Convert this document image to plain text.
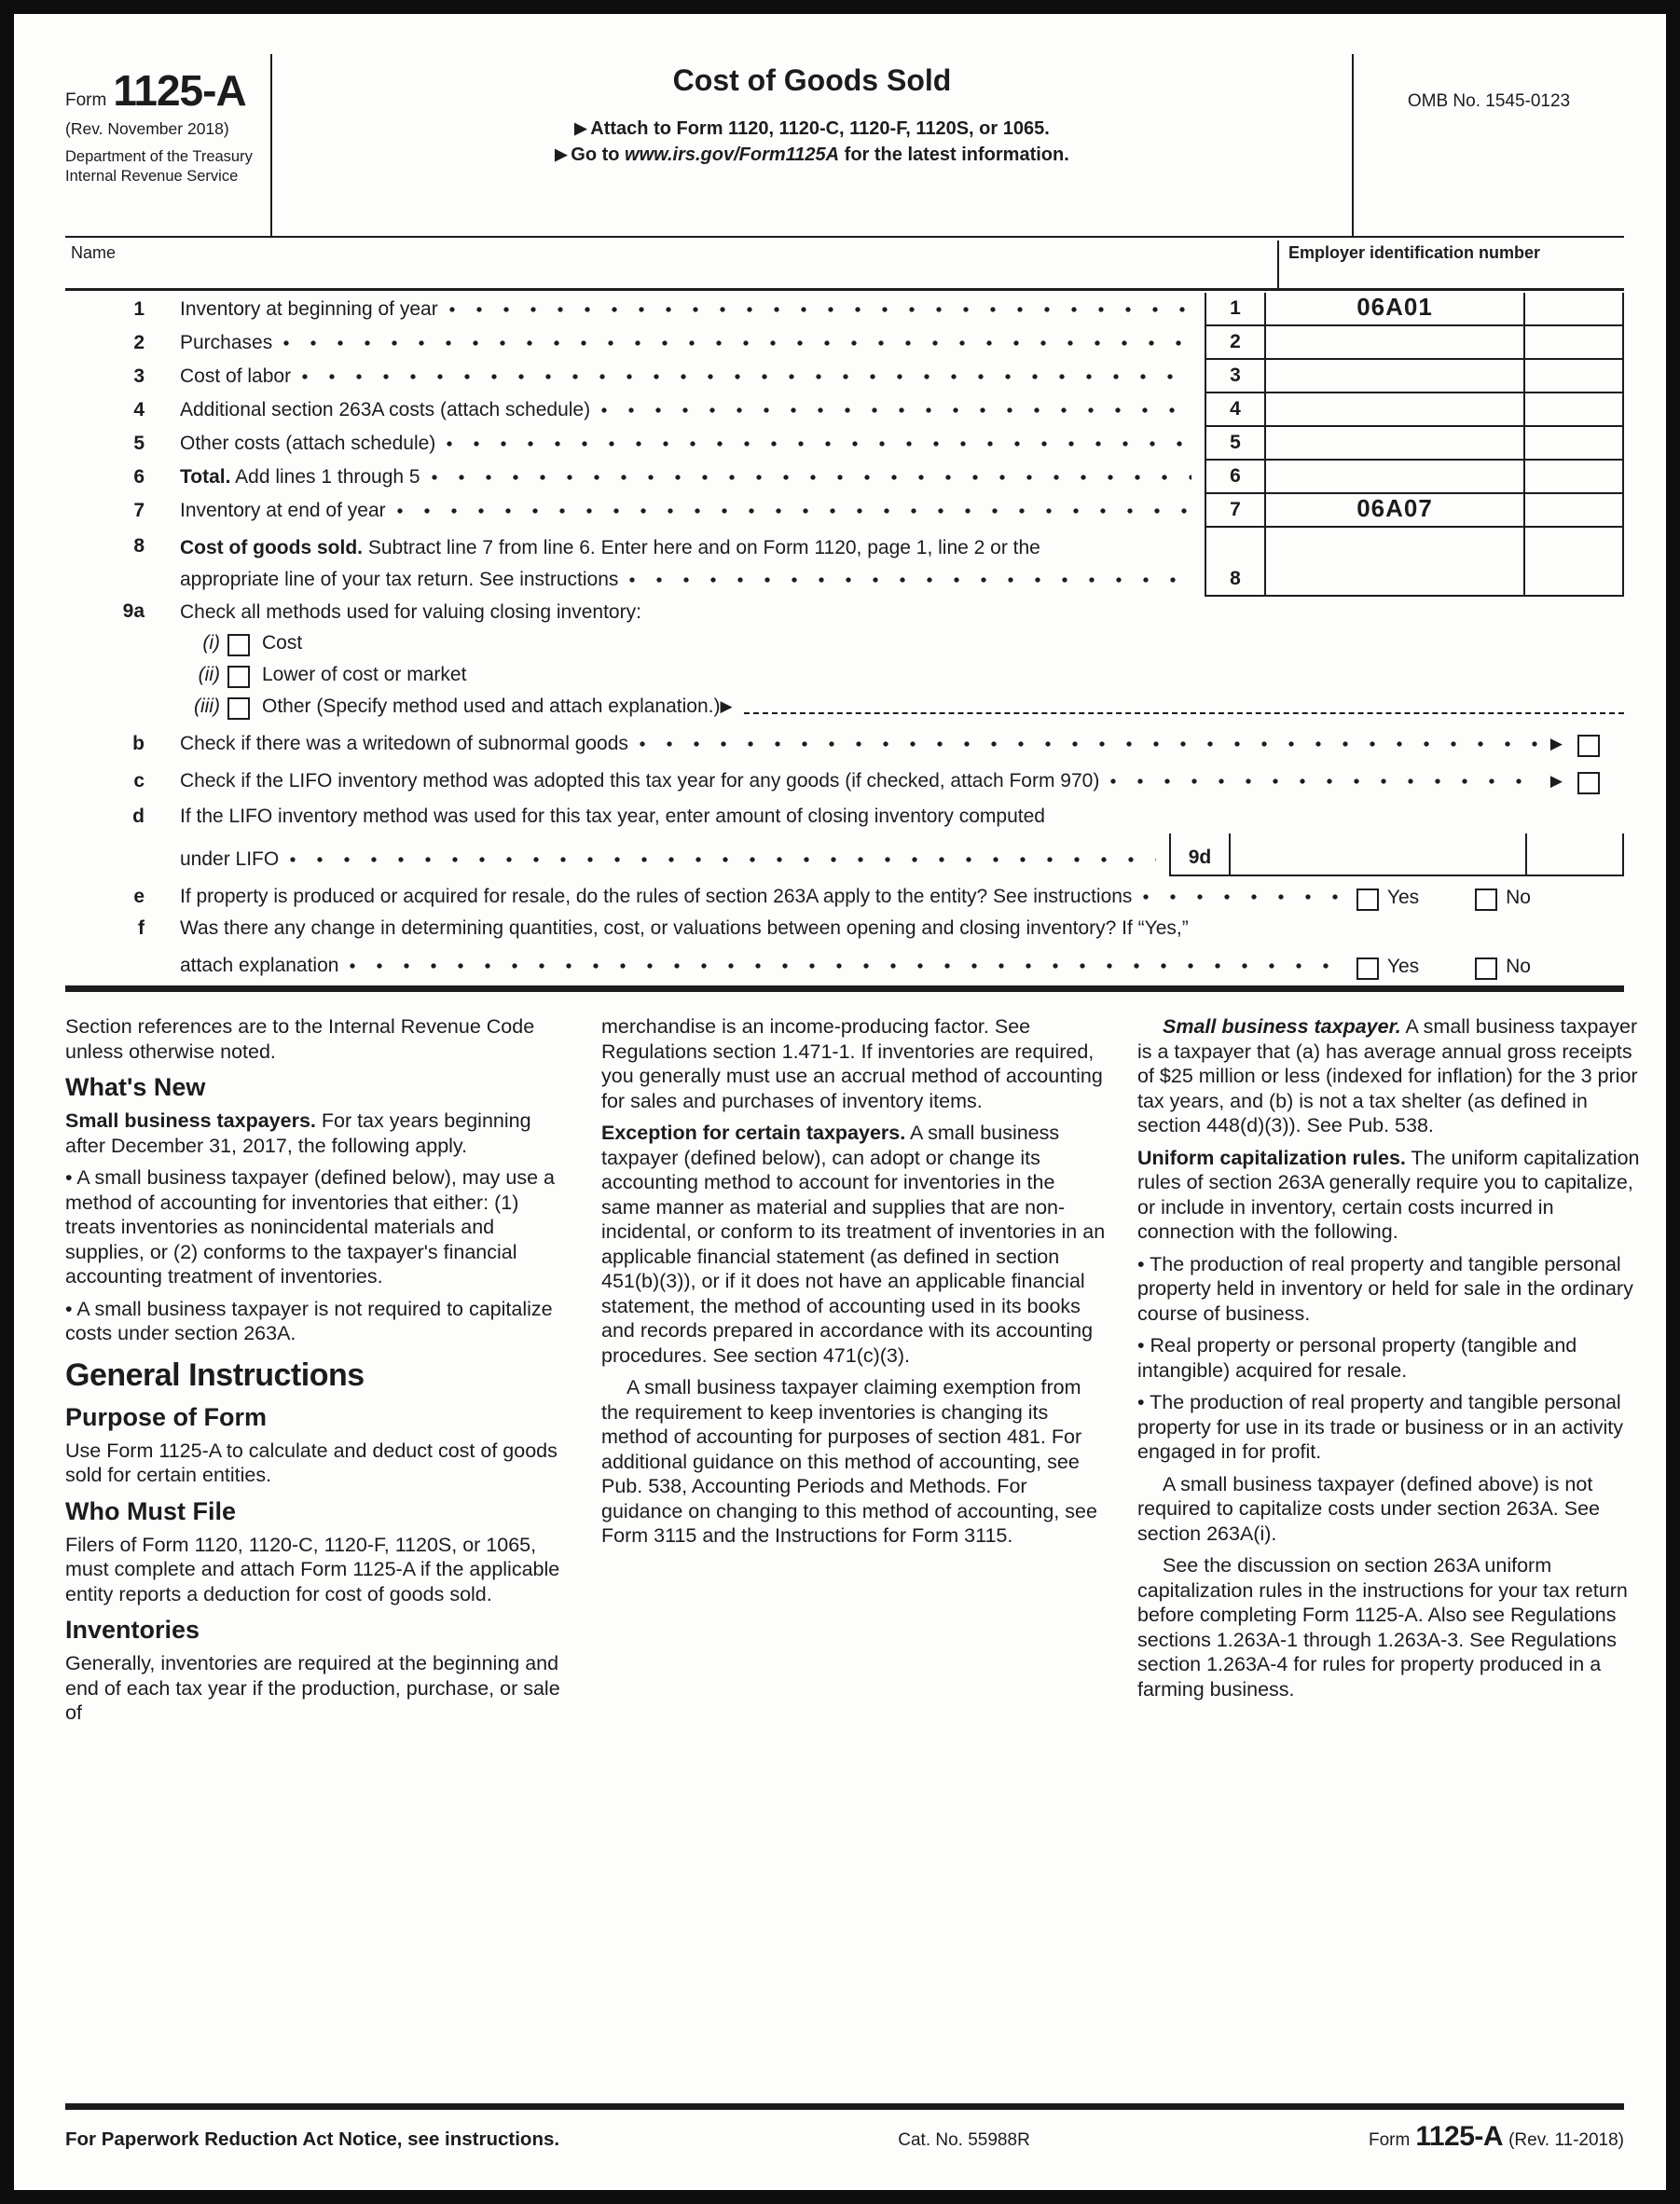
Form 1125-A
(Rev. November 2018)
Department of the Treasury
Internal Revenue Service
Cost of Goods Sold
▶ Attach to Form 1120, 1120-C, 1120-F, 1120S, or 1065.
▶ Go to www.irs.gov/Form1125A for the latest information.
OMB No. 1545-0123
Name	Employer identification number
1 Inventory at beginning of year	1	06A01
2 Purchases	2
3 Cost of labor	3
4 Additional section 263A costs (attach schedule)	4
5 Other costs (attach schedule)	5
6 Total. Add lines 1 through 5	6
7 Inventory at end of year	7	06A07
8 Cost of goods sold. Subtract line 7 from line 6. Enter here and on Form 1120, page 1, line 2 or the
appropriate line of your tax return. See instructions	8
9a Check all methods used for valuing closing inventory:
(i)	Cost
(ii)	Lower of cost or market
(iii)	Other (Specify method used and attach explanation.) ▶
b Check if there was a writedown of subnormal goods	▶
c Check if the LIFO inventory method was adopted this tax year for any goods (if checked, attach Form 970)	▶
d If the LIFO inventory method was used for this tax year, enter amount of closing inventory computed
under LIFO	9d
e If property is produced or acquired for resale, do the rules of section 263A apply to the entity? See instructions	Yes	No
f Was there any change in determining quantities, cost, or valuations between opening and closing inventory? If “Yes,”
attach explanation	Yes	No

Section references are to the Internal Revenue Code unless otherwise noted.

What's New

Small business taxpayers. For tax years beginning after December 31, 2017, the following apply.

• A small business taxpayer (defined below), may use a method of accounting for inventories that either: (1) treats inventories as nonincidental materials and supplies, or (2) conforms to the taxpayer's financial accounting treatment of inventories.

• A small business taxpayer is not required to capitalize costs under section 263A.

General Instructions
Purpose of Form

Use Form 1125-A to calculate and deduct cost of goods sold for certain entities.

Who Must File

Filers of Form 1120, 1120-C, 1120-F, 1120S, or 1065, must complete and attach Form 1125-A if the applicable entity reports a deduction for cost of goods sold.

Inventories

Generally, inventories are required at the beginning and end of each tax year if the production, purchase, or sale of

merchandise is an income-producing factor. See Regulations section 1.471-1. If inventories are required, you generally must use an accrual method of accounting for sales and purchases of inventory items.

Exception for certain taxpayers. A small business taxpayer (defined below), can adopt or change its accounting method to account for inventories in the same manner as material and supplies that are non-incidental, or conform to its treatment of inventories in an applicable financial statement (as defined in section 451(b)(3)), or if it does not have an applicable financial statement, the method of accounting used in its books and records prepared in accordance with its accounting procedures. See section 471(c)(3).

A small business taxpayer claiming exemption from the requirement to keep inventories is changing its method of accounting for purposes of section 481. For additional guidance on this method of accounting, see Pub. 538, Accounting Periods and Methods. For guidance on changing to this method of accounting, see Form 3115 and the Instructions for Form 3115.

Small business taxpayer. A small business taxpayer is a taxpayer that (a) has average annual gross receipts of $25 million or less (indexed for inflation) for the 3 prior tax years, and (b) is not a tax shelter (as defined in section 448(d)(3)). See Pub. 538.

Uniform capitalization rules. The uniform capitalization rules of section 263A generally require you to capitalize, or include in inventory, certain costs incurred in connection with the following.

• The production of real property and tangible personal property held in inventory or held for sale in the ordinary course of business.

• Real property or personal property (tangible and intangible) acquired for resale.

• The production of real property and tangible personal property for use in its trade or business or in an activity engaged in for profit.

A small business taxpayer (defined above) is not required to capitalize costs under section 263A. See section 263A(i).

See the discussion on section 263A uniform capitalization rules in the instructions for your tax return before completing Form 1125-A. Also see Regulations sections 1.263A-1 through 1.263A-3. See Regulations section 1.263A-4 for rules for property produced in a farming business.

For Paperwork Reduction Act Notice, see instructions.	Cat. No. 55988R	Form 1125-A (Rev. 11-2018)
